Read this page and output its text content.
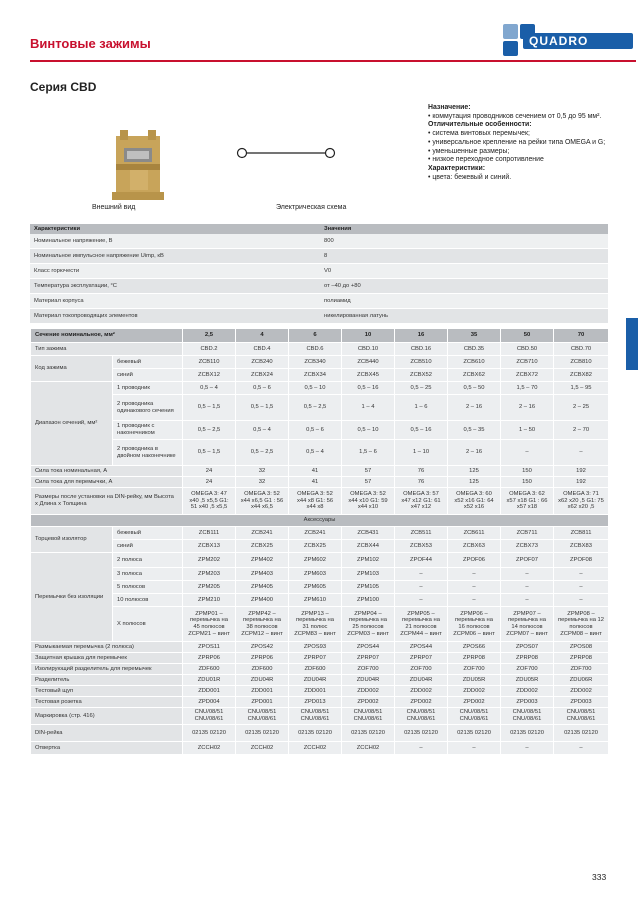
Винтовые зажимы	QUADRO
Серия CBD
Внешний вид	Электрическая схема
Назначение:
• коммутация проводников сечением от 0,5 до 95 мм².
Отличительные особенности:
• система винтовых перемычек;
• универсальное крепление на рейки типа OMEGA и G;
• уменьшенные размеры;
• низкое переходное сопротивление
Характеристики:
• цвета: бежевый и синий.
Характеристики	Значения
Номинальное напряжение, В	800
Номинальное импульсное напряжение Uimp, кВ	8
Класс горючести	V0
Температура эксплуатации, °С	от –40 до +80
Материал корпуса	полиамид
Материал токопроводящих элементов	никелированная латунь
Сечение номинальное, мм²		2,5	4	6	10	16	35	50	70
Тип зажима		CBD.2	CBD.4	CBD.6	CBD.10	CBD.16	CBD.35	CBD.50	CBD.70
Код зажима	бежевый	ZCB110	ZCB240	ZCB340	ZCB440	ZCB510	ZCB610	ZCB710	ZCB810
	синий	ZCBX12	ZCBX24	ZCBX34	ZCBX45	ZCBX52	ZCBX62	ZCBX72	ZCBX82
Диапазон сечений, мм²	1 проводник	0,5 – 4	0,5 – 6	0,5 – 10	0,5 – 16	0,5 – 25	0,5 – 50	1,5 – 70	1,5 – 95
	2 проводника одинакового сечения	0,5 – 1,5	0,5 – 1,5	0,5 – 2,5	1 – 4	1 – 6	2 – 16	2 – 16	2 – 25
	1 проводник с наконечником	0,5 – 2,5	0,5 – 4	0,5 – 6	0,5 – 10	0,5 – 16	0,5 – 35	1 – 50	2 – 70
	2 проводника в двойном наконечнике	0,5 – 1,5	0,5 – 2,5	0,5 – 4	1,5 – 6	1 – 10	2 – 16	–	–
Сила тока номинальная, А		24	32	41	57	76	125	150	192
Сила тока для перемычки, А		24	32	41	57	76	125	150	192
Размеры после установки на DIN-рейку, мм Высота х Длина х Толщина		OMEGA 3: 47 x40 ,5 x5,5 G1: 51 x40 ,5 x5,5	OMEGA 3: 52 x44 x6,5 G1 : 56 x44 x6,5	OMEGA 3: 52 x44 x8 G1: 56 x44 x8	OMEGA 3: 52 x44 x10 G1: 59 x44 x10	OMEGA 3: 57 x47 x12 G1: 61 x47 x12	OMEGA 3: 60 x52 x16 G1: 64 x52 x16	OMEGA 3: 62 x57 x18 G1 : 66 x57 x18	OMEGA 3: 71 x62 x20 ,5 G1: 75 x62 x20 ,5
Аксессуары									
Торцевой изолятор	бежевый	ZCB111	ZCB241	ZCB241	ZCB431	ZCB511	ZCB611	ZCB711	ZCB811
	синий	ZCBX13	ZCBX25	ZCBX25	ZCBX44	ZCBX53	ZCBX63	ZCBX73	ZCBX83
Перемычки без изоляции	2 полюса	ZPM202	ZPM402	ZPM602	ZPM102	ZPOF44	ZPOF06	ZPOF07	ZPOF08
	3 полюса	ZPM203	ZPM403	ZPM603	ZPM103	–	–	–	–
	5 полюсов	ZPM205	ZPM405	ZPM605	ZPM105	–	–	–	–
	10 полюсов	ZPM210	ZPM400	ZPM610	ZPM100	–	–	–	–
	Х полюсов	ZPMP01 – перемычка на 45 полюсов ZCPM21 – винт	ZPMP42 – перемычка на 38 полюсов ZCPM12 – винт	ZPMP13 – перемычка на 31 полюс ZCPM83 – винт	ZPMP04 – перемычка на 25 полюсов ZCPM03 – винт	ZPMP05 – перемычка на 21 полюсов ZCPM44 – винт	ZPMP06 – перемычка на 16 полюсов ZCPM06 – винт	ZPMP07 – перемычка на 14 полюсов ZCPM07 – винт	ZPMP08 – перемычка на 12 полюсов ZCPM08 – винт
Размыкаемая перемычка (2 полюса)		ZPOS11	ZPOS42	ZPOS93	ZPOS44	ZPOS44	ZPOS66	ZPOS07	ZPOS08
Защитная крышка для перемычек		ZPRP06	ZPRP06	ZPRP07	ZPRP07	ZPRP07	ZPRP08	ZPRP08	ZPRP08
Изолирующий разделитель для перемычек		ZDF600	ZDF600	ZDF600	ZOF700	ZOF700	ZOF700	ZOF700	ZDF700
Разделитель		ZDU01R	ZDU04R	ZDU04R	ZDU04R	ZDU04R	ZDU05R	ZDU05R	ZDU06R
Тестовый щуп		ZDD001	ZDD001	ZDD001	ZDD002	ZDD002	ZDD002	ZDD002	ZDD002
Тестовая розетка		ZPD004	ZPD001	ZPD013	ZPD002	ZPD002	ZPD002	ZPD003	ZPD003
Маркировка (стр. 416)		CNU/08/51 CNU/08/61	CNU/08/51 CNU/08/61	CNU/08/51 CNU/08/61	CNU/08/51 CNU/08/61	CNU/08/51 CNU/08/61	CNU/08/51 CNU/08/61	CNU/08/51 CNU/08/61	CNU/08/51 CNU/08/61
DIN-рейка		02135 02120	02135 02120	02135 02120	02135 02120	02135 02120	02135 02120	02135 02120	02135 02120
Отвертка		ZCCH02	ZCCH02	ZCCH02	ZCCH02	–	–	–	–
333
